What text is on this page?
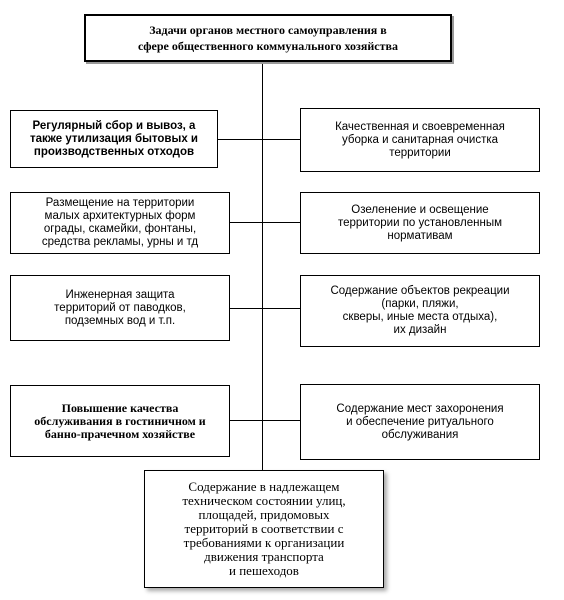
Задачи органов местного самоуправления в
сфере общественного коммунального хозяйства
Регулярный сбор и вывоз, а
также утилизация бытовых и
производственных отходов
Размещение на территории
малых архитектурных форм
ограды, скамейки, фонтаны,
средства рекламы, урны и тд
Инженерная защита
территорий от паводков,
подземных вод и т.п.
Повышение качества
обслуживания в гостиничном и
банно-прачечном хозяйстве
Качественная и своевременная
уборка и санитарная очистка
территории
Озеленение и освещение
территории по установленным
нормативам
Содержание объектов рекреации
(парки, пляжи,
скверы, иные места отдыха),
их дизайн
Содержание мест захоронения
и обеспечение ритуального
обслуживания
Содержание в надлежащем
техническом состоянии улиц,
площадей, придомовых
территорий в соответствии с
требованиями к организации
движения транспорта
и пешеходов
